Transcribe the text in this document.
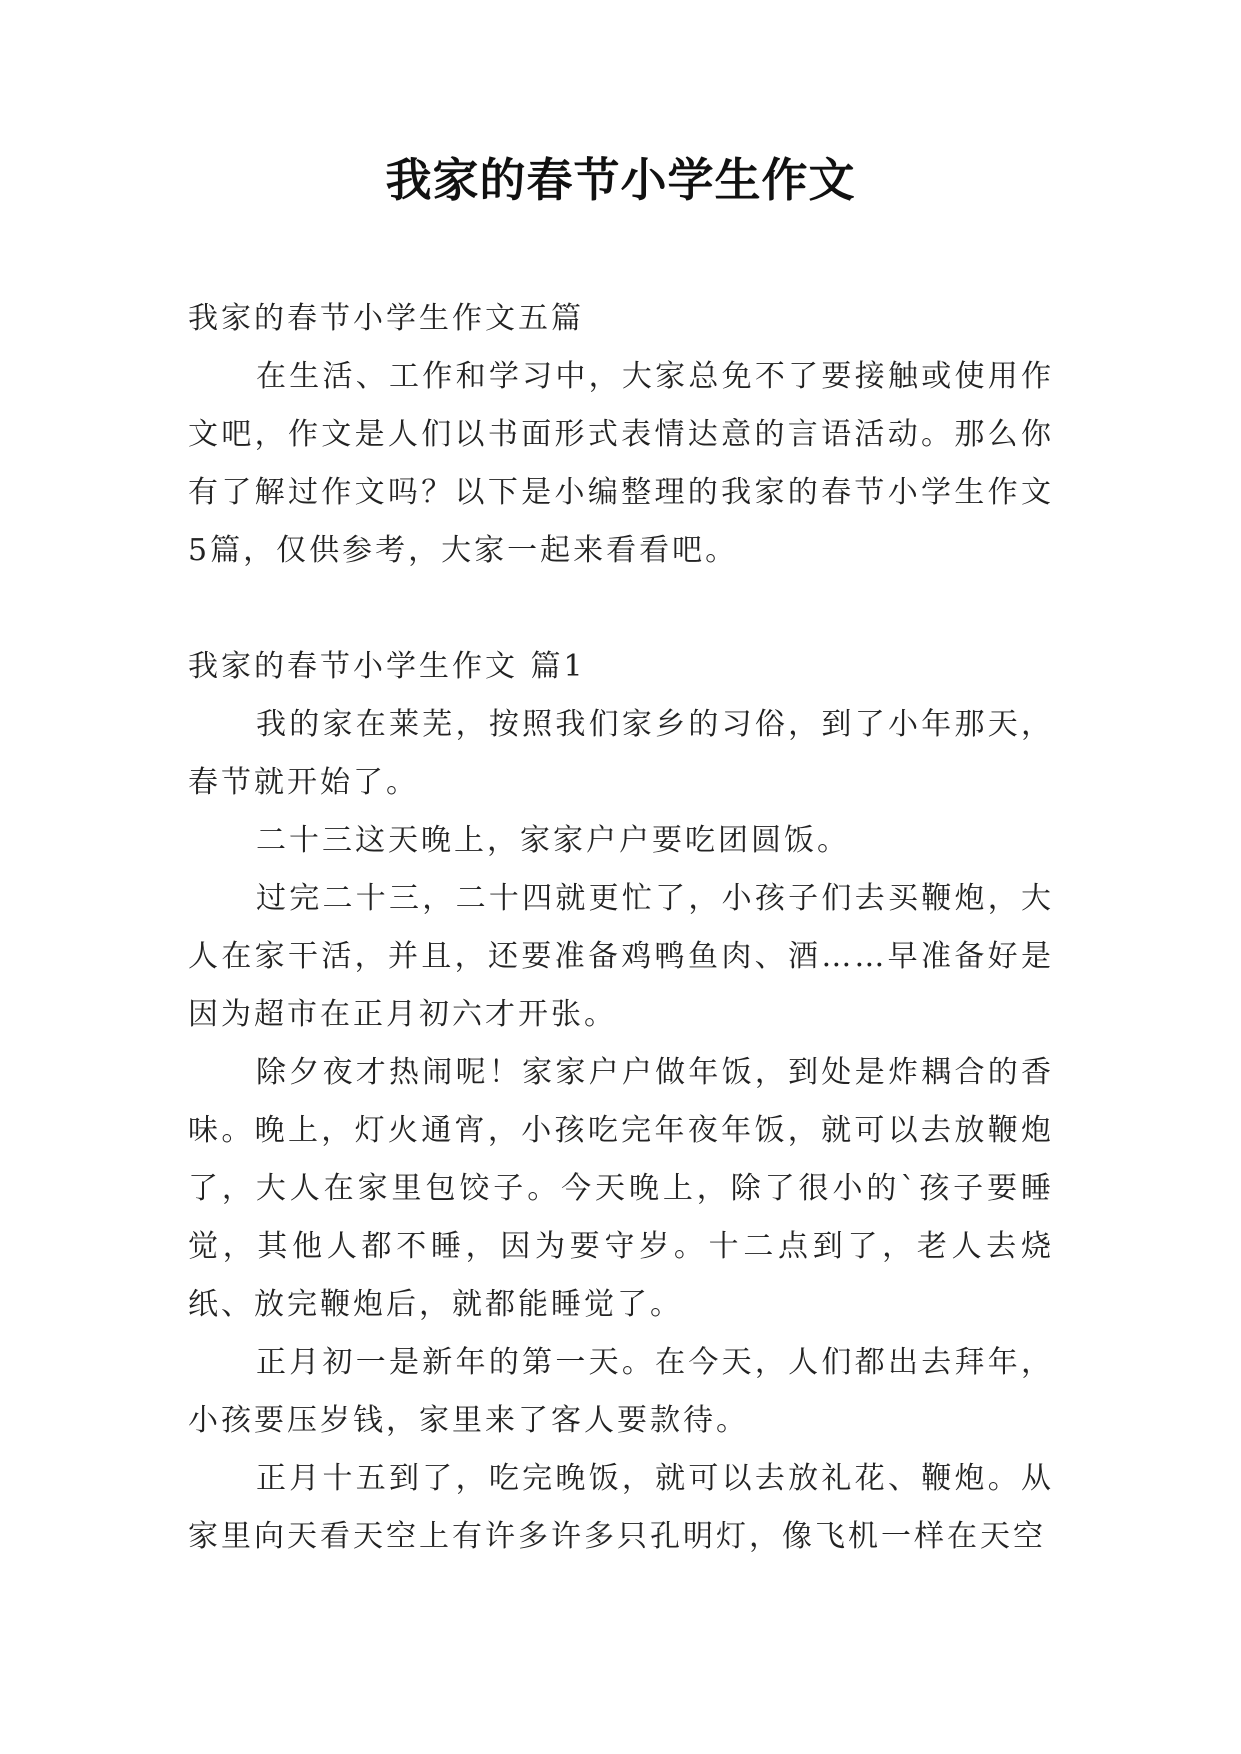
我家的春节小学生作文

我家的春节小学生作文五篇

在生活、工作和学习中，大家总免不了要接触或使用作文吧，作文是人们以书面形式表情达意的言语活动。那么你有了解过作文吗？以下是小编整理的我家的春节小学生作文5篇，仅供参考，大家一起来看看吧。

我家的春节小学生作文 篇1

我的家在莱芜，按照我们家乡的习俗，到了小年那天，春节就开始了。

二十三这天晚上，家家户户要吃团圆饭。

过完二十三，二十四就更忙了，小孩子们去买鞭炮，大人在家干活，并且，还要准备鸡鸭鱼肉、酒……早准备好是因为超市在正月初六才开张。

除夕夜才热闹呢！家家户户做年饭，到处是炸耦合的香味。晚上，灯火通宵，小孩吃完年夜年饭，就可以去放鞭炮了，大人在家里包饺子。今天晚上，除了很小的`孩子要睡觉，其他人都不睡，因为要守岁。十二点到了，老人去烧纸、放完鞭炮后，就都能睡觉了。

正月初一是新年的第一天。在今天，人们都出去拜年，小孩要压岁钱，家里来了客人要款待。

正月十五到了，吃完晚饭，就可以去放礼花、鞭炮。从家里向天看天空上有许多许多只孔明灯，像飞机一样在天空
